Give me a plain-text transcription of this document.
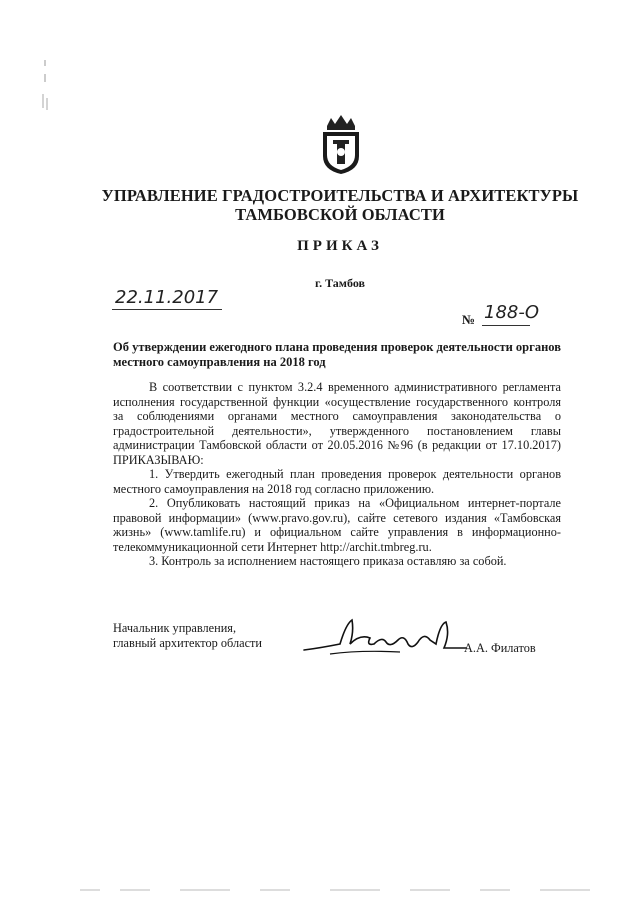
УПРАВЛЕНИЕ ГРАДОСТРОИТЕЛЬСТВА И АРХИТЕКТУРЫ
ТАМБОВСКОЙ ОБЛАСТИ
ПРИКАЗ
г. Тамбов
22.11.2017
№ 188-О
Об утверждении ежегодного плана проведения проверок деятельности органов местного самоуправления на 2018 год

В соответствии с пунктом 3.2.4 временного административного регламента исполнения государственной функции «осуществление государственного контроля за соблюдениями органами местного самоуправления законодательства о градостроительной деятельности», утвержденного постановлением главы администрации Тамбовской области от 20.05.2016 №96 (в редакции от 17.10.2017) ПРИКАЗЫВАЮ:

1. Утвердить ежегодный план проведения проверок деятельности органов местного самоуправления на 2018 год согласно приложению.

2. Опубликовать настоящий приказ на «Официальном интернет-портале правовой информации» (www.pravo.gov.ru), сайте сетевого издания «Тамбовская жизнь» (www.tamlife.ru) и официальном сайте управления в информационно-телекоммуникационной сети Интернет http://archit.tmbreg.ru.

3. Контроль за исполнением настоящего приказа оставляю за собой.

Начальник управления,
главный архитектор области	А.А. Филатов
